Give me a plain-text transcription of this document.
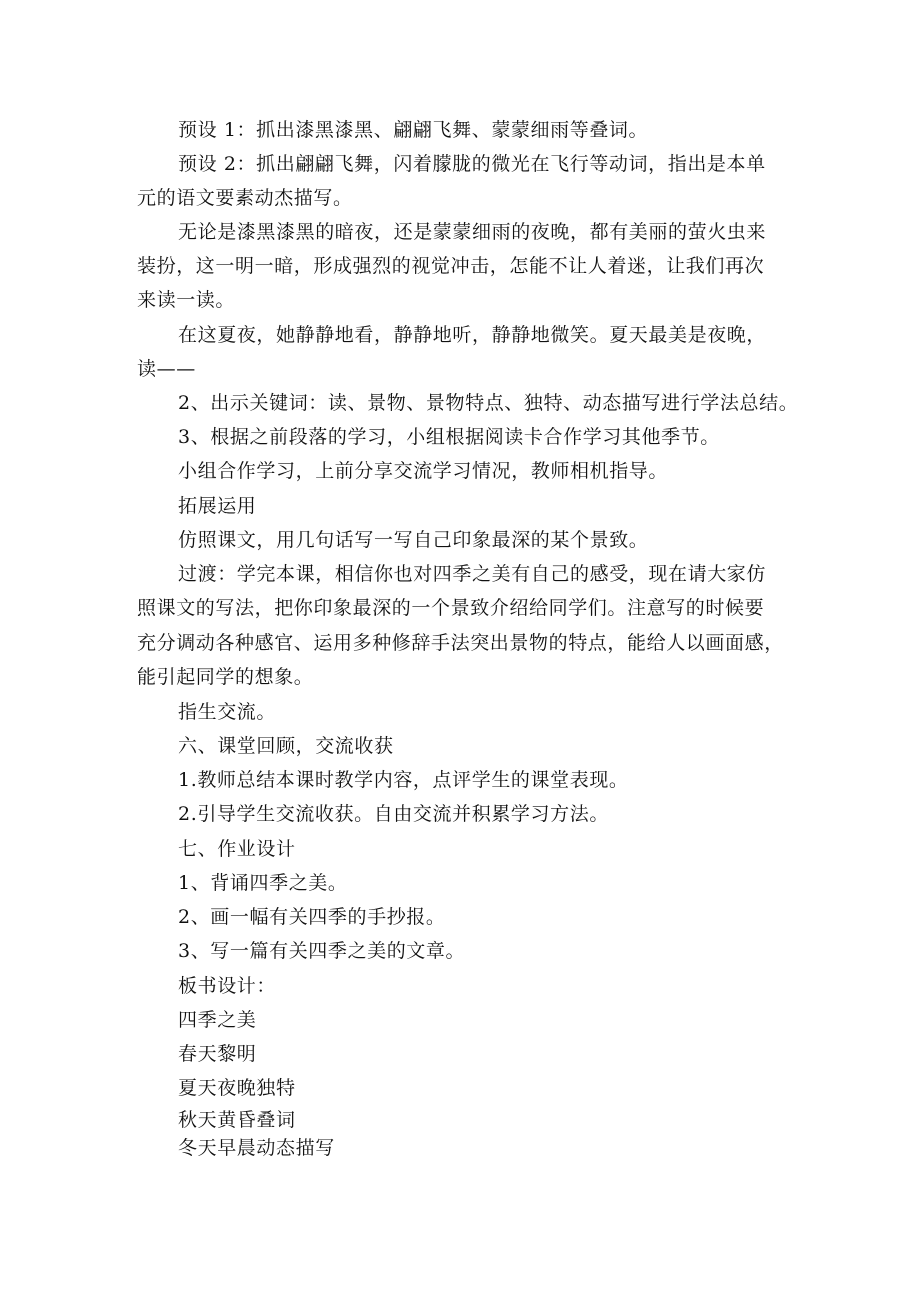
预设 1：抓出漆黑漆黑、翩翩飞舞、蒙蒙细雨等叠词。
预设 2：抓出翩翩飞舞，闪着朦胧的微光在飞行等动词，指出是本单
元的语文要素动杰描写。
无论是漆黑漆黑的暗夜，还是蒙蒙细雨的夜晚，都有美丽的萤火虫来
装扮，这一明一暗，形成强烈的视觉冲击，怎能不让人着迷，让我们再次
来读一读。
在这夏夜，她静静地看，静静地听，静静地微笑。夏天最美是夜晚，
读——
2、出示关键词：读、景物、景物特点、独特、动态描写进行学法总结。
3、根据之前段落的学习，小组根据阅读卡合作学习其他季节。
小组合作学习，上前分享交流学习情况，教师相机指导。
拓展运用
仿照课文，用几句话写一写自己印象最深的某个景致。
过渡：学完本课，相信你也对四季之美有自己的感受，现在请大家仿
照课文的写法，把你印象最深的一个景致介绍给同学们。注意写的时候要
充分调动各种感官、运用多种修辞手法突出景物的特点，能给人以画面感，
能引起同学的想象。
指生交流。
六、课堂回顾，交流收获
1.教师总结本课时教学内容，点评学生的课堂表现。
2.引导学生交流收获。自由交流并积累学习方法。
七、作业设计
1、背诵四季之美。
2、画一幅有关四季的手抄报。
3、写一篇有关四季之美的文章。
板书设计：
四季之美
春天黎明
夏天夜晚独特
秋天黄昏叠词
冬天早晨动态描写
